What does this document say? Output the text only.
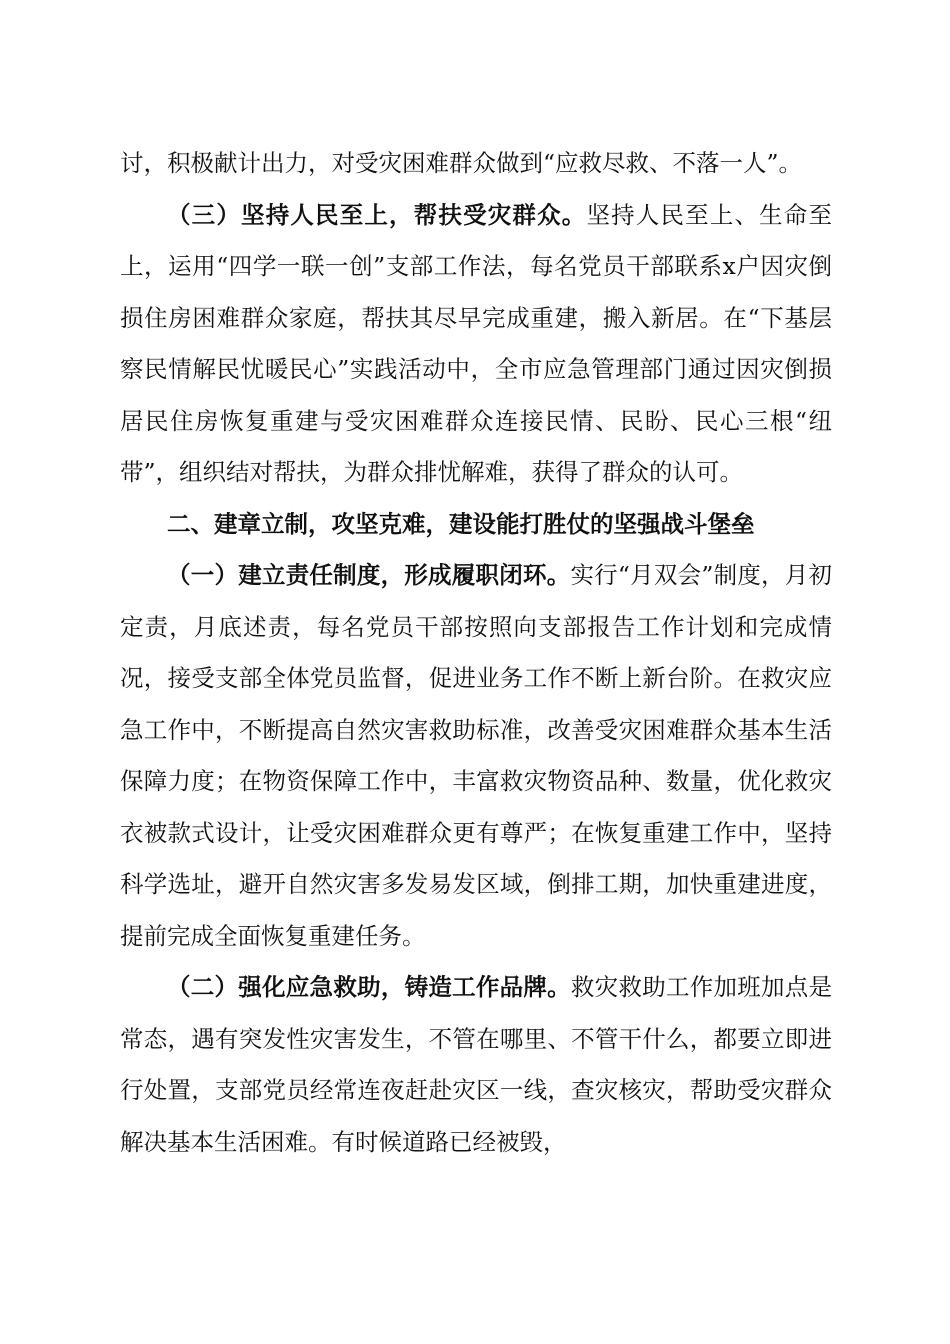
讨，积极献计出力，对受灾困难群众做到“应救尽救、不落一人”。

（三）坚持人民至上，帮扶受灾群众。坚持人民至上、生命至上，运用“四学一联一创”支部工作法，每名党员干部联系x户因灾倒损住房困难群众家庭，帮扶其尽早完成重建，搬入新居。在“下基层察民情解民忧暖民心”实践活动中，全市应急管理部门通过因灾倒损居民住房恢复重建与受灾困难群众连接民情、民盼、民心三根“纽带”，组织结对帮扶，为群众排忧解难，获得了群众的认可。

二、建章立制，攻坚克难，建设能打胜仗的坚强战斗堡垒

（一）建立责任制度，形成履职闭环。实行“月双会”制度，月初定责，月底述责，每名党员干部按照向支部报告工作计划和完成情况，接受支部全体党员监督，促进业务工作不断上新台阶。在救灾应急工作中，不断提高自然灾害救助标准，改善受灾困难群众基本生活保障力度；在物资保障工作中，丰富救灾物资品种、数量，优化救灾衣被款式设计，让受灾困难群众更有尊严；在恢复重建工作中，坚持科学选址，避开自然灾害多发易发区域，倒排工期，加快重建进度，提前完成全面恢复重建任务。

（二）强化应急救助，铸造工作品牌。救灾救助工作加班加点是常态，遇有突发性灾害发生，不管在哪里、不管干什么，都要立即进行处置，支部党员经常连夜赶赴灾区一线，查灾核灾，帮助受灾群众解决基本生活困难。有时候道路已经被毁，
